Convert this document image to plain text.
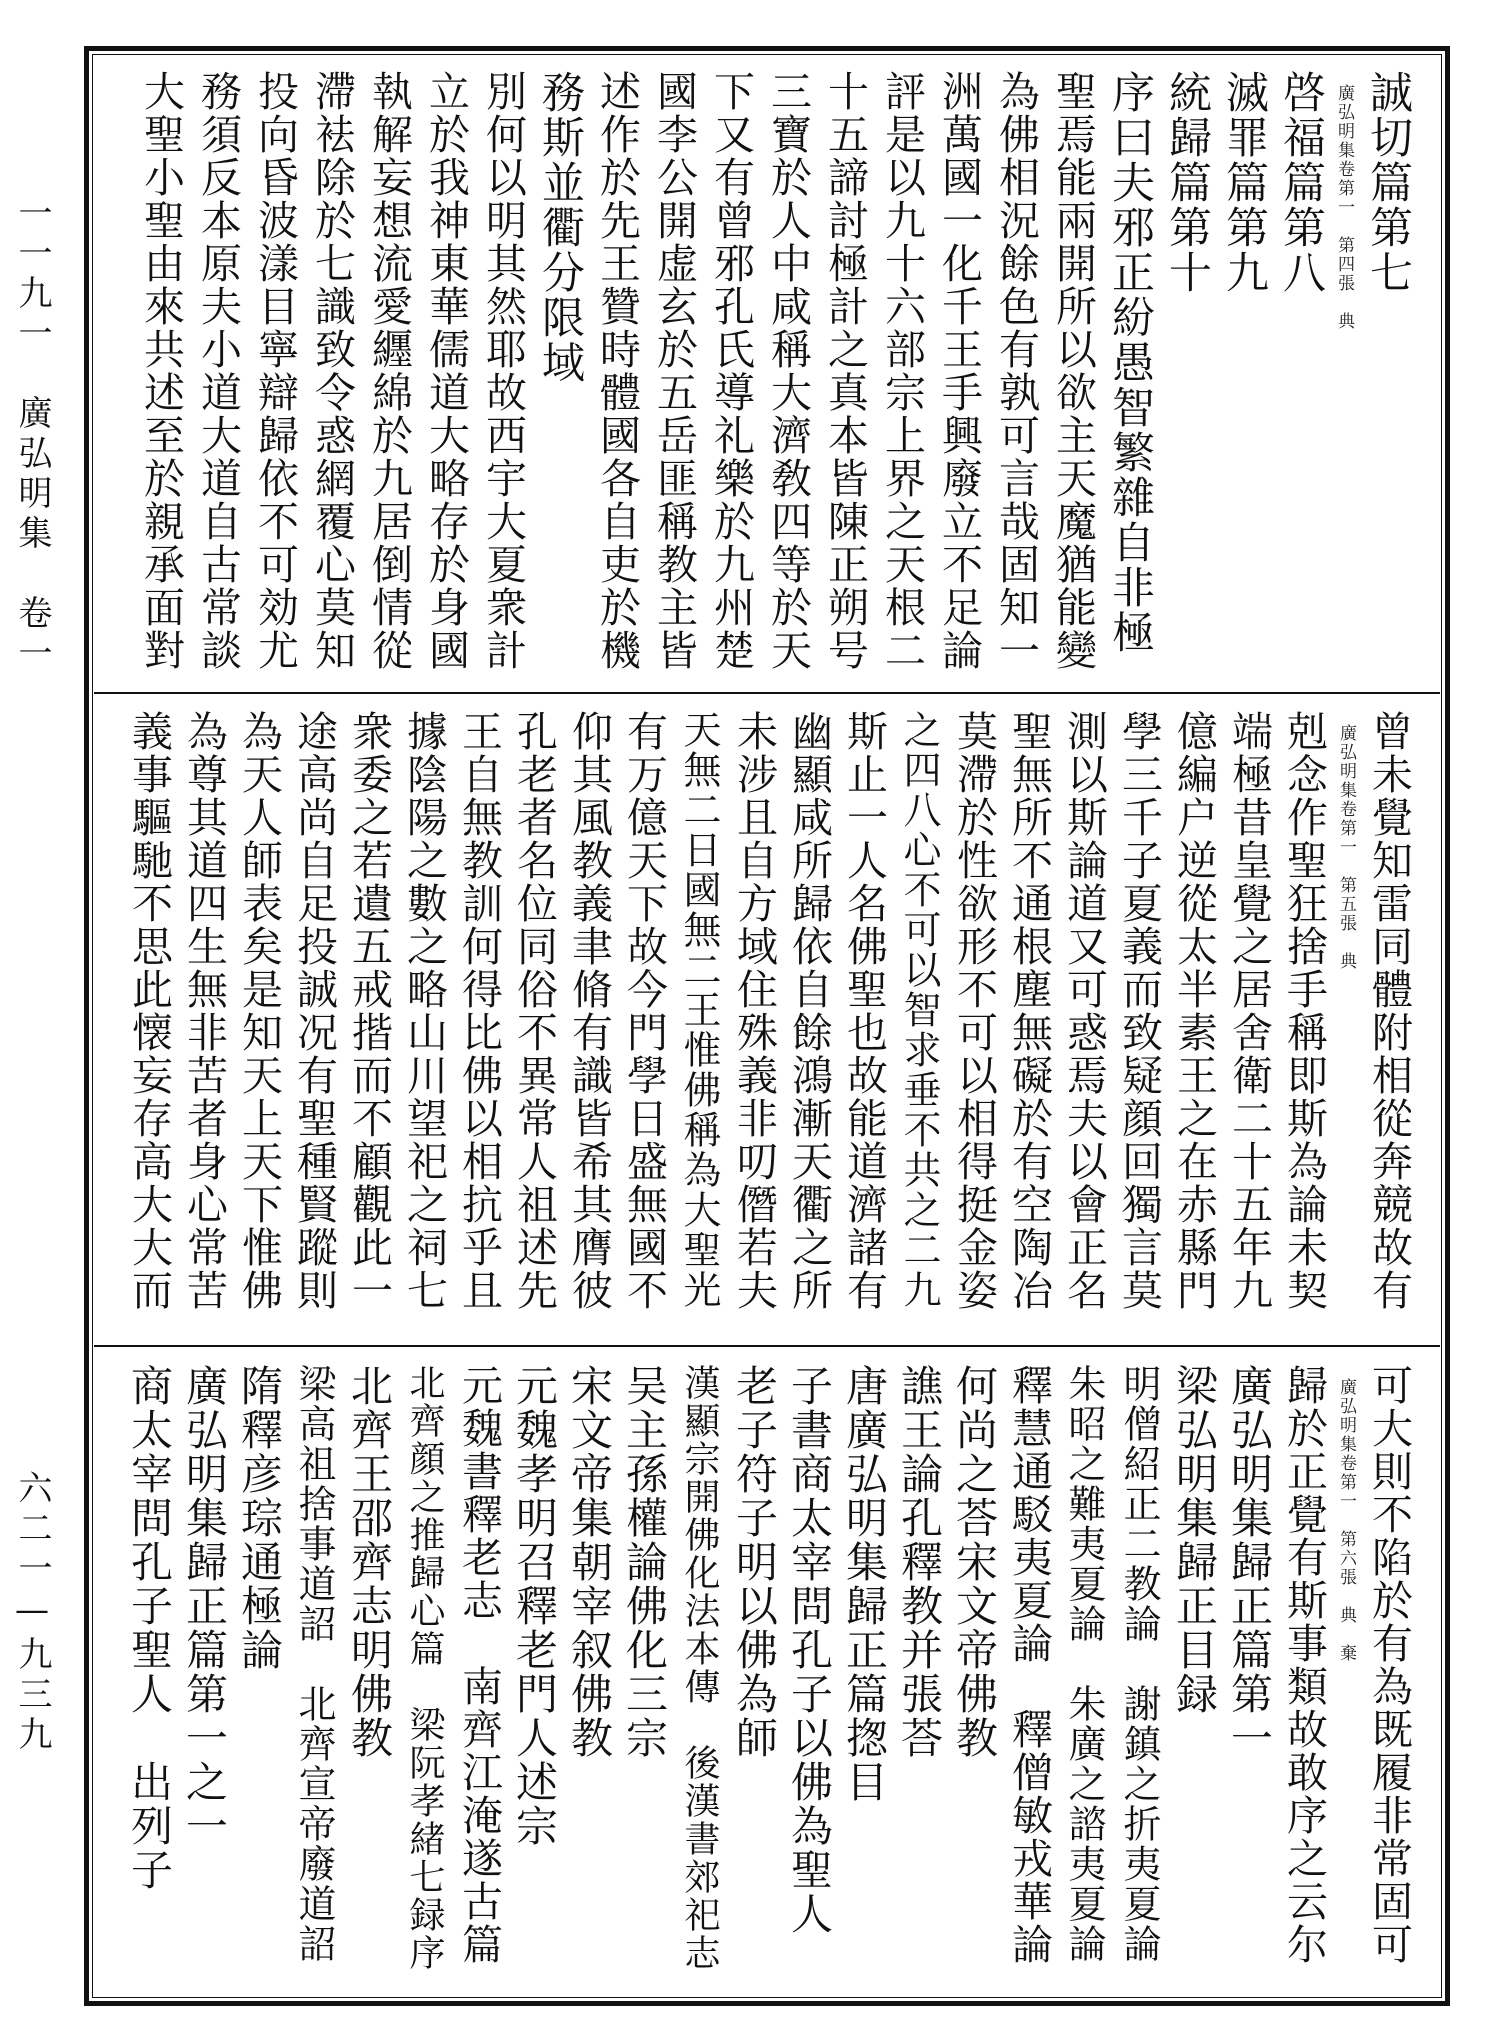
一一九一　廣弘明集　卷一
六二一—九三九
誠切篇第七
廣弘明集卷第一　第四張　典
啓福篇第八
滅罪篇第九
統歸篇第十
序曰夫邪正紛愚智繁雜自非極
聖焉能兩開所以欲主天魔猶能變
為佛相況餘色有孰可言哉固知一
洲萬國一化千王手興廢立不足論
評是以九十六部宗上界之天根二
十五諦討極計之真本皆陳正朔号
三寶於人中咸稱大濟敎四等於天
下又有曾邪孔氏導礼樂於九州楚
國李公開虚玄於五岳匪稱教主皆
述作於先王贊時體國各自吏於機
務斯並衢分限域
別何以明其然耶故西宇大夏衆計
立於我神東華儒道大略存於身國
執解妄想流愛纒綿於九居倒情從
滯袪除於七識致令惑網覆心莫知
投向昏波漾目寧辯歸依不可効尤
務須反本原夫小道大道自古常談
大聖小聖由來共述至於親承面對
曾未覺知雷同體附相從奔競故有
廣弘明集卷第一　第五張　典
剋念作聖狂捨手稱即斯為論未契
端極昔皇覺之居舍衛二十五年九
億編户逆從太半素王之在赤縣門
學三千子夏義而致疑顔回獨言莫
測以斯論道又可惑焉夫以會正名
聖無所不通根塵無礙於有空陶冶
莫滯於性欲形不可以相得挺金姿
之四八心不可以智求垂不共之二九
斯止一人名佛聖也故能道濟諸有
幽顯咸所歸依自餘鴻漸天衢之所
未涉且自方域住殊義非叨僭若夫
天無二日國無二王惟佛稱為大聖光
有万億天下故今門學日盛無國不
仰其風教義聿脩有識皆希其膺彼
孔老者名位同俗不異常人祖述先
王自無教訓何得比佛以相抗乎且
據陰陽之數之略山川望祀之祠七
衆委之若遺五戒揩而不顧觀此一
途高尚自足投誠况有聖種賢蹤則
為天人師表矣是知天上天下惟佛
為尊其道四生無非苦者身心常苦
義事驅馳不思此懐妄存高大大而
可大則不陷於有為既履非常固可
廣弘明集卷第一　第六張　典　棄
歸於正覺有斯事類故敢序之云尔
廣弘明集歸正篇第一
梁弘明集歸正目録
明僧紹正二教論　謝鎮之折夷夏論
朱昭之難夷夏論　朱廣之諮夷夏論
釋慧通駁夷夏論　釋僧敏戎華論
何尚之荅宋文帝佛教
譙王論孔釋教并張荅
唐廣弘明集歸正篇揔目
子書商太宰問孔子以佛為聖人
老子符子明以佛為師
漢顯宗開佛化法本傳　後漢書郊祀志
吴主孫權論佛化三宗
宋文帝集朝宰叙佛教
元魏孝明召釋老門人述宗
元魏書釋老志　南齊江淹遂古篇
北齊顔之推歸心篇　梁阮孝緒七録序
北齊王邵齊志明佛教
梁高祖捨事道詔　北齊宣帝廢道詔
隋釋彦琮通極論
廣弘明集歸正篇第一之一
商太宰問孔子聖人　出列子
